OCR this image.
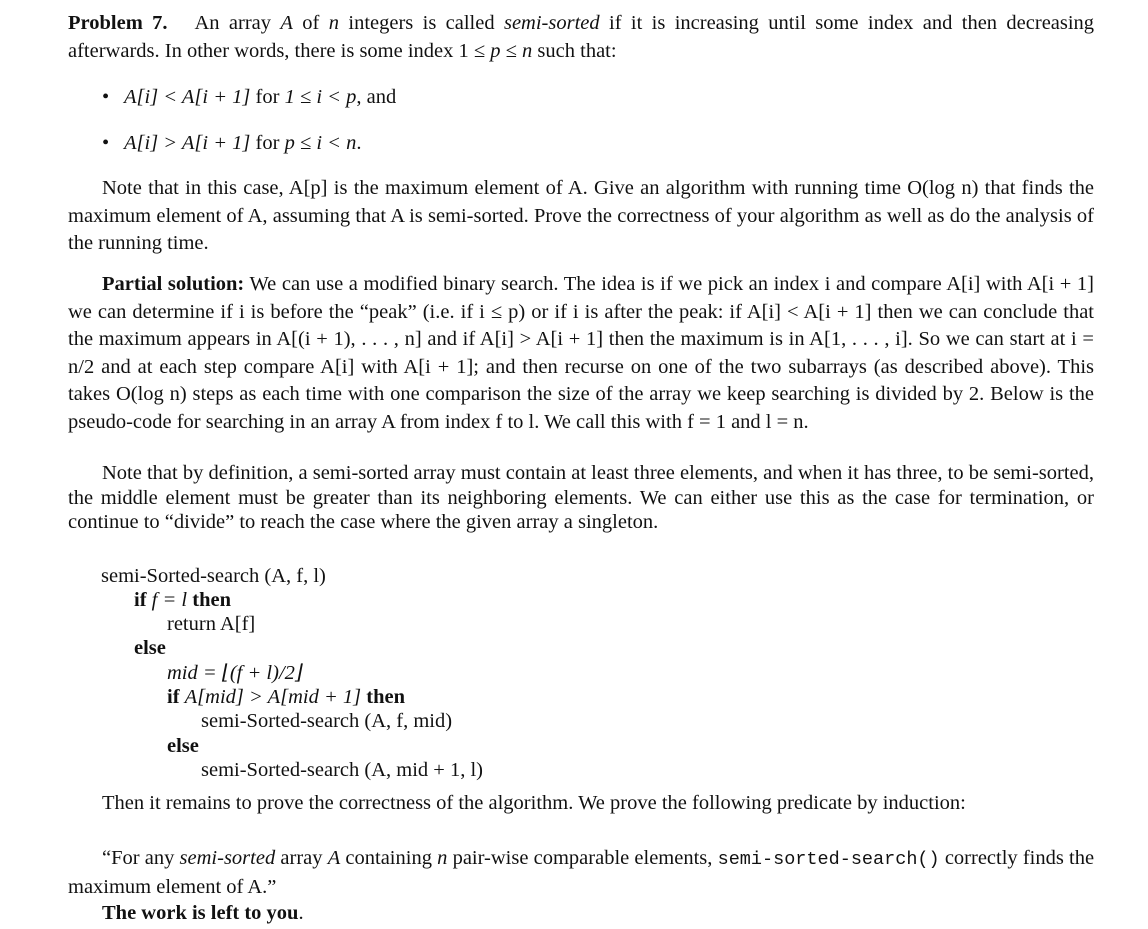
Problem 7. An array A of n integers is called semi-sorted if it is increasing until some index and then decreasing afterwards. In other words, there is some index 1 ≤ p ≤ n such that:

• A[i] < A[i + 1] for 1 ≤ i < p, and
• A[i] > A[i + 1] for p ≤ i < n.

Note that in this case, A[p] is the maximum element of A. Give an algorithm with running time O(log n) that finds the maximum element of A, assuming that A is semi-sorted. Prove the correctness of your algorithm as well as do the analysis of the running time.

Partial solution: We can use a modified binary search. The idea is if we pick an index i and compare A[i] with A[i + 1] we can determine if i is before the “peak” (i.e. if i ≤ p) or if i is after the peak: if A[i] < A[i + 1] then we can conclude that the maximum appears in A[(i + 1), . . . , n] and if A[i] > A[i + 1] then the maximum is in A[1, . . . , i]. So we can start at i = n/2 and at each step compare A[i] with A[i + 1]; and then recurse on one of the two subarrays (as described above). This takes O(log n) steps as each time with one comparison the size of the array we keep searching is divided by 2. Below is the pseudo-code for searching in an array A from index f to l. We call this with f = 1 and l = n.

Note that by definition, a semi-sorted array must contain at least three elements, and when it has three, to be semi-sorted, the middle element must be greater than its neighboring elements. We can either use this as the case for termination, or continue to “divide” to reach the case where the given array a singleton.

semi-Sorted-search (A, f, l)
if f = l then
return A[f]
else
mid = ⌊(f + l)/2⌋
if A[mid] > A[mid + 1] then
semi-Sorted-search (A, f, mid)
else
semi-Sorted-search (A, mid + 1, l)

Then it remains to prove the correctness of the algorithm. We prove the following predicate by induction:

“For any semi-sorted array A containing n pair-wise comparable elements, semi-sorted-search() correctly finds the maximum element of A.”

The work is left to you.
